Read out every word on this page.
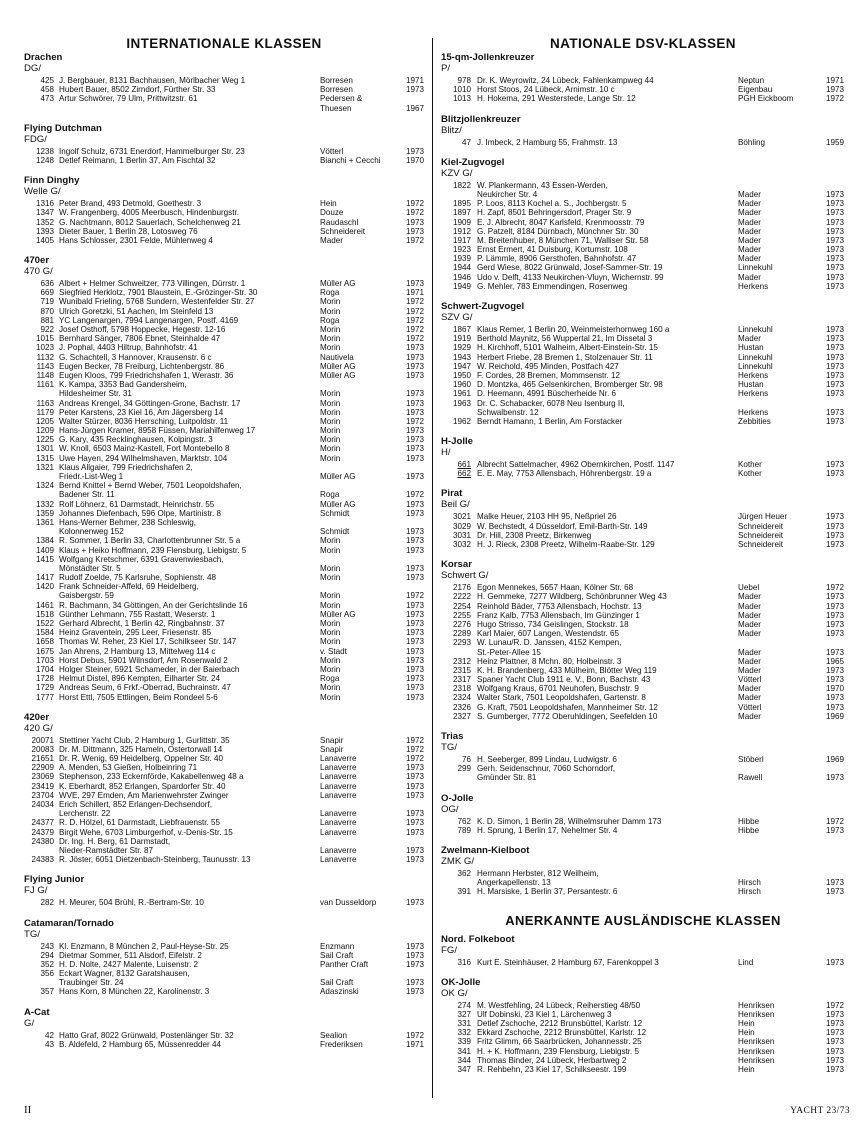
INTERNATIONALE KLASSEN
Drachen
DG/
425 J. Bergbauer, 8131 Bachhausen, Mörlbacher Weg 1	Borresen	1971
458 Hubert Bauer, 8502 Zirndorf, Fürther Str. 33	Borresen	1973
473 Artur Schwörer, 79 Ulm, Prittwitzstr. 61	Pedersen &
Thuesen	1967
Flying Dutchman
FDG/
1238 Ingolf Schulz, 6731 Enerdorf, Hammelburger Str. 23	Vötterl	1973
1248 Detlef Reimann, 1 Berlin 37, Am Fischtal 32	Bianchi + Cecchi	1970
Finn Dinghy
Welle G/
1316 Peter Brand, 493 Detmold, Goethestr. 3	Hein	1972
1347 W. Frangenberg, 4005 Meerbusch, Hindenburgstr.	Douze	1972
1352 G. Nachtmann, 8012 Sauerlach, Schelchenweg 21	Raudaschl	1973
1393 Dieter Bauer, 1 Berlin 28, Lotosweg 76	Schneidereit	1973
1405 Hans Schlosser, 2301 Felde, Mühlenweg 4	Mader	1972
470er
470 G/
636 Albert + Helmer Schweitzer, 773 Villingen, Dürrstr. 1	Müller AG	1973
669 Siegfried Herklotz, 7901 Blaustein, E.-Grözinger-Str. 30	Roga	1971
719 Wunibald Frieling, 5768 Sundern, Westenfelder Str. 27	Morin	1972
870 Ulrich Goretzki, 51 Aachen, Im Steinfeld 13	Morin	1972
881 YC Langenargen, 7994 Langenargen, Postf. 4169	Roga	1972
922 Josef Osthoff, 5798 Hoppecke, Hegestr. 12-16	Morin	1972
1015 Bernhard Sänger, 7806 Ebnet, Steinhalde 47	Morin	1972
1023 J. Pophal, 4403 Hiltrup, Bahnhofstr. 41	Morin	1973
1132 G. Schachtell, 3 Hannover, Krausenstr. 6 c	Nautivela	1973
1143 Eugen Becker, 78 Freiburg, Lichtenbergstr. 86	Müller AG	1973
1148 Eugen Kloos, 799 Friedrichshafen 1, Werastr. 36	Müller AG	1973
1161 K. Kampa, 3353 Bad Gandersheim,
Hildesheimer Str. 31	Morin	1973
1163 Andreas Krengel, 34 Göttingen-Grone, Bachstr. 17	Morin	1973
1179 Peter Karstens, 23 Kiel 16, Am Jägersberg 14	Morin	1973
1205 Walter Stürzer, 8036 Herrsching, Luitpoldstr. 11	Morin	1972
1209 Hans-Jürgen Kramer, 8958 Füssen, Mariahilfenweg 17	Morin	1973
1225 G. Kary, 435 Recklinghausen, Kolpingstr. 3	Morin	1973
1301 W. Knoll, 6503 Mainz-Kastell, Fort Montebello 8	Morin	1973
1315 Uwe Hayen, 294 Wilhelmshaven, Marktstr. 104	Morin	1973
1321 Klaus Allgaier, 799 Friedrichshafen 2,
Friedr.-List-Weg 1	Müller AG	1973
1324 Bernd Knittel + Bernd Weber, 7501 Leopoldshafen,
Badener Str. 11	Roga	1972
1332 Rolf Löhnerz, 61 Darmstadt, Heinrichstr. 55	Müller AG	1973
1359 Johannes Diefenbach, 596 Olpe, Martinistr. 8	Schmidt	1973
1361 Hans-Werner Behmer, 238 Schleswig,
Kolonnenweg 152	Schmidt	1973
1384 R. Sommer, 1 Berlin 33, Charlottenbrunner Str. 5 a	Morin	1973
1409 Klaus + Heiko Hoffmann, 239 Flensburg, Liebigstr. 5	Morin	1973
1415 Wolfgang Kretschmer, 6391 Gravenwiesbach,
Mönstädter Str. 5	Morin	1973
1417 Rudolf Zoelde, 75 Karlsruhe, Sophienstr. 48	Morin	1973
1420 Frank Schneider-Affeld, 69 Heidelberg,
Gaisbergstr. 59	Morin	1972
1461 R. Bachmann, 34 Göttingen, An der Gerichtslinde 16	Morin	1973
1518 Günther Lehmann, 755 Rastatt, Weserstr. 1	Müller AG	1973
1522 Gerhard Albrecht, 1 Berlin 42, Ringbahnstr. 37	Morin	1973
1584 Heinz Graventein, 295 Leer, Friesenstr. 85	Morin	1973
1658 Thomas W. Reher, 23 Kiel 17, Schilkseer Str. 147	Morin	1973
1675 Jan Ahrens, 2 Hamburg 13, Mittelweg 114 c	v. Stadt	1973
1703 Horst Debus, 5901 Wilnsdorf, Am Rosenwald 2	Morin	1973
1704 Holger Steiner, 5921 Schameder, in der Baierbach	Morin	1973
1728 Helmut Distel, 896 Kempten, Eilharter Str. 24	Roga	1973
1729 Andreas Seum, 6 Frkf.-Oberrad, Buchrainstr. 47	Morin	1973
1777 Horst Ettl, 7505 Ettlingen, Beim Rondeel 5-6	Morin	1973
420er
420 G/
20071 Stettiner Yacht Club, 2 Hamburg 1, Gurlittstr. 35	Snapir	1972
20083 Dr. M. Dittmann, 325 Hameln, Ostertorwall 14	Snapir	1972
21651 Dr. R. Wenig, 69 Heidelberg, Oppelner Str. 40	Lanaverre	1972
22909 A. Menden, 53 Gießen, Holbeinring 71	Lanaverre	1973
23069 Stephenson, 233 Eckernförde, Kakabellenweg 48 a	Lanaverre	1973
23419 K. Eberhardt, 852 Erlangen, Spardorfer Str. 40	Lanaverre	1973
23704 WVE, 297 Emden, Am Marienwehrster Zwinger	Lanaverre	1973
24034 Erich Schillert, 852 Erlangen-Dechsendorf,
Lerchenstr. 22	Lanaverre	1973
24377 R. D. Hölzel, 61 Darmstadt, Liebfrauenstr. 55	Lanaverre	1973
24379 Birgit Wehe, 6703 Limburgerhof, v.-Denis-Str. 15	Lanaverre	1973
24380 Dr. Ing. H. Berg, 61 Darmstadt,
Nieder-Ramstädter Str. 87	Lanaverre	1973
24383 R. Jöster, 6051 Dietzenbach-Steinberg, Taunusstr. 13	Lanaverre	1973
Flying Junior
FJ G/
282 H. Meurer, 504 Brühl, R.-Bertram-Str. 10	van Dusseldorp	1973
Catamaran/Tornado
TG/
243 Kl. Enzmann, 8 München 2, Paul-Heyse-Str. 25	Enzmann	1973
294 Dietmar Sommer, 511 Alsdorf, Eifelstr. 2	Sail Craft	1973
352 H. D. Nolte, 2427 Malente, Luisenstr. 2	Panther Craft	1973
356 Eckart Wagner, 8132 Garatshausen,
Traubinger Str. 24	Sail Craft	1973
357 Hans Korn, 8 München 22, Karolinenstr. 3	Adaszinski	1973
A-Cat
G/
42 Hatto Graf, 8022 Grünwald, Postenlänger Str. 32	Sealion	1972
43 B. Aldefeld, 2 Hamburg 65, Müssenredder 44	Frederiksen	1971
NATIONALE DSV-KLASSEN
15-qm-Jollenkreuzer
P/
978 Dr. K. Weyrowitz, 24 Lübeck, Fahlenkampweg 44	Neptun	1971
1010 Horst Stoos, 24 Lübeck, Arnimstr. 10 c	Eigenbau	1973
1013 H. Hokema, 291 Westerstede, Lange Str. 12	PGH Eickboom	1972
Blitzjollenkreuzer
Blitz/
47 J. Imbeck, 2 Hamburg 55, Frahmstr. 13	Böhling	1959
Kiel-Zugvogel
KZV G/
1822 W. Plankermann, 43 Essen-Werden,
Neukircher Str. 4	Mader	1973
1895 P. Loos, 8113 Kochel a. S., Jochbergstr. 5	Mader	1973
1897 H. Zapf, 8501 Behringersdorf, Prager Str. 9	Mader	1973
1909 E. J. Albrecht, 8047 Karlsfeld, Krenmoosstr. 79	Mader	1973
1912 G. Patzelt, 8184 Dürnbach, Münchner Str. 30	Mader	1973
1917 M. Breitenhuber, 8 München 71, Walliser Str. 58	Mader	1973
1923 Ernst Ermert, 41 Duisburg, Kortumstr. 108	Mader	1973
1939 P. Lämmle, 8906 Gersthofen, Bahnhofstr. 47	Mader	1973
1944 Gerd Wiese, 8022 Grünwald, Josef-Sammer-Str. 19	Linnekuhl	1973
1946 Udo v. Delft, 4133 Neukirchen-Vluyn, Wichernstr. 99	Mader	1973
1949 G. Mehler, 783 Emmendingen, Rosenweg	Herkens	1973
Schwert-Zugvogel
SZV G/
1867 Klaus Remer, 1 Berlin 20, Weinmeisterhornweg 160 a	Linnekuhl	1973
1919 Berthold Maynitz, 56 Wuppertal 21, Im Dissetal 3	Mader	1973
1929 H. Kirchhoff, 5101 Walheim, Albert-Einstein-Str. 15	Hustan	1973
1943 Herbert Friebe, 28 Bremen 1, Stolzenauer Str. 11	Linnekuhl	1973
1947 W. Reichold, 495 Minden, Postfach 427	Linnekuhl	1973
1950 F. Cordes, 28 Bremen, Mommsenstr. 12	Herkens	1973
1960 D. Montzka, 465 Gelsenkirchen, Bromberger Str. 98	Hustan	1973
1961 D. Heemann, 4991 Büscherheide Nr. 6	Herkens	1973
1963 Dr. C. Schabacker, 6078 Neu Isenburg II,
Schwalbenstr. 12	Herkens	1973
1962 Berndt Hamann, 1 Berlin, Am Forstacker	Zebbities	1973
H-Jolle
H/
661 Albrecht Sattelmacher, 4962 Obernkirchen, Postf. 1147	Kother	1973
662 E. E. May, 7753 Allensbach, Höhrenbergstr. 19 a	Kother	1973
Pirat
Beil G/
3021 Malke Heuer, 2103 HH 95, Neßpriel 26	Jürgen Heuer	1973
3029 W. Bechstedt, 4 Düsseldorf, Emil-Barth-Str. 149	Schneidereit	1973
3031 Dr. Hill, 2308 Preetz, Birkenweg	Schneidereit	1973
3032 H. J. Rieck, 2308 Preetz, Wilhelm-Raabe-Str. 129	Schneidereit	1973
Korsar
Schwert G/
2176 Egon Mennekes, 5657 Haan, Kölner Str. 68	Uebel	1972
2222 H. Gemmeke, 7277 Wildberg, Schönbrunner Weg 43	Mader	1973
2254 Reinhold Bäder, 7753 Allensbach, Hochstr. 13	Mader	1973
2255 Franz Kalb, 7753 Allensbach, Im Günzinger 1	Mader	1973
2276 Hugo Strisso, 734 Geislingen, Stockstr. 18	Mader	1973
2289 Karl Maier, 607 Langen, Westendstr. 65	Mader	1973
2293 W. Lunau/R. D. Janssen, 4152 Kempen,
St.-Peter-Allee 15	Mader	1973
2312 Heinz Plattner, 8 Mchn. 80, Holbeinstr. 3	Mader	1965
2315 K. H. Brandenberg, 433 Mülheim, Blötter Weg 119	Mader	1973
2317 Spaner Yacht Club 1911 e. V., Bonn, Bachstr. 43	Vötterl	1973
2318 Wolfgang Kraus, 6701 Neuhofen, Buschstr. 9	Mader	1970
2324 Walter Stark, 7501 Leopoldshafen, Gartenstr. 8	Mader	1973
2326 G. Kraft, 7501 Leopoldshafen, Mannheimer Str. 12	Vötterl	1973
2327 S. Gumberger, 7772 Oberuhldingen, Seefelden 10	Mader	1969
Trias
TG/
76 H. Seeberger, 899 Lindau, Ludwigstr. 6	Stöberl	1969
299 Gerh. Seidenschnur, 7060 Schorndorf,
Gmünder Str. 81	Rawell	1973
O-Jolle
OG/
762 K. D. Simon, 1 Berlin 28, Wilhelmsruher Damm 173	Hibbe	1972
789 H. Sprung, 1 Berlin 17, Nehelmer Str. 4	Hibbe	1973
Zwelmann-Kielboot
ZMK G/
362 Hermann Herbster, 812 Weilheim,
Angerkapellenstr. 13	Hirsch	1973
391 H. Marsiske, 1 Berlin 37, Persantestr. 6	Hirsch	1973
ANERKANNTE AUSLÄNDISCHE KLASSEN
Nord. Folkeboot
FG/
316 Kurt E. Steinhäuser, 2 Hamburg 67, Farenkoppel 3	Lind	1973
OK-Jolle
OK G/
274 M. Westfehling, 24 Lübeck, Reiherstieg 48/50	Henriksen	1972
327 Ulf Dobinski, 23 Kiel 1, Lärchenweg 3	Henriksen	1973
331 Detlef Zschoche, 2212 Brunsbüttel, Karlstr. 12	Hein	1973
332 Ekkard Zschoche, 2212 Brunsbüttel, Karlstr. 12	Hein	1973
339 Fritz Glimm, 66 Saarbrücken, Johannesstr. 25	Henriksen	1973
341 H. + K. Hoffmann, 239 Flensburg, Liebigstr. 5	Henriksen	1973
344 Thomas Binder, 24 Lübeck, Herbartweg 2	Henriksen	1973
347 R. Rehbehn, 23 Kiel 17, Schilkseestr. 199	Hein	1973
II	YACHT 23/73
